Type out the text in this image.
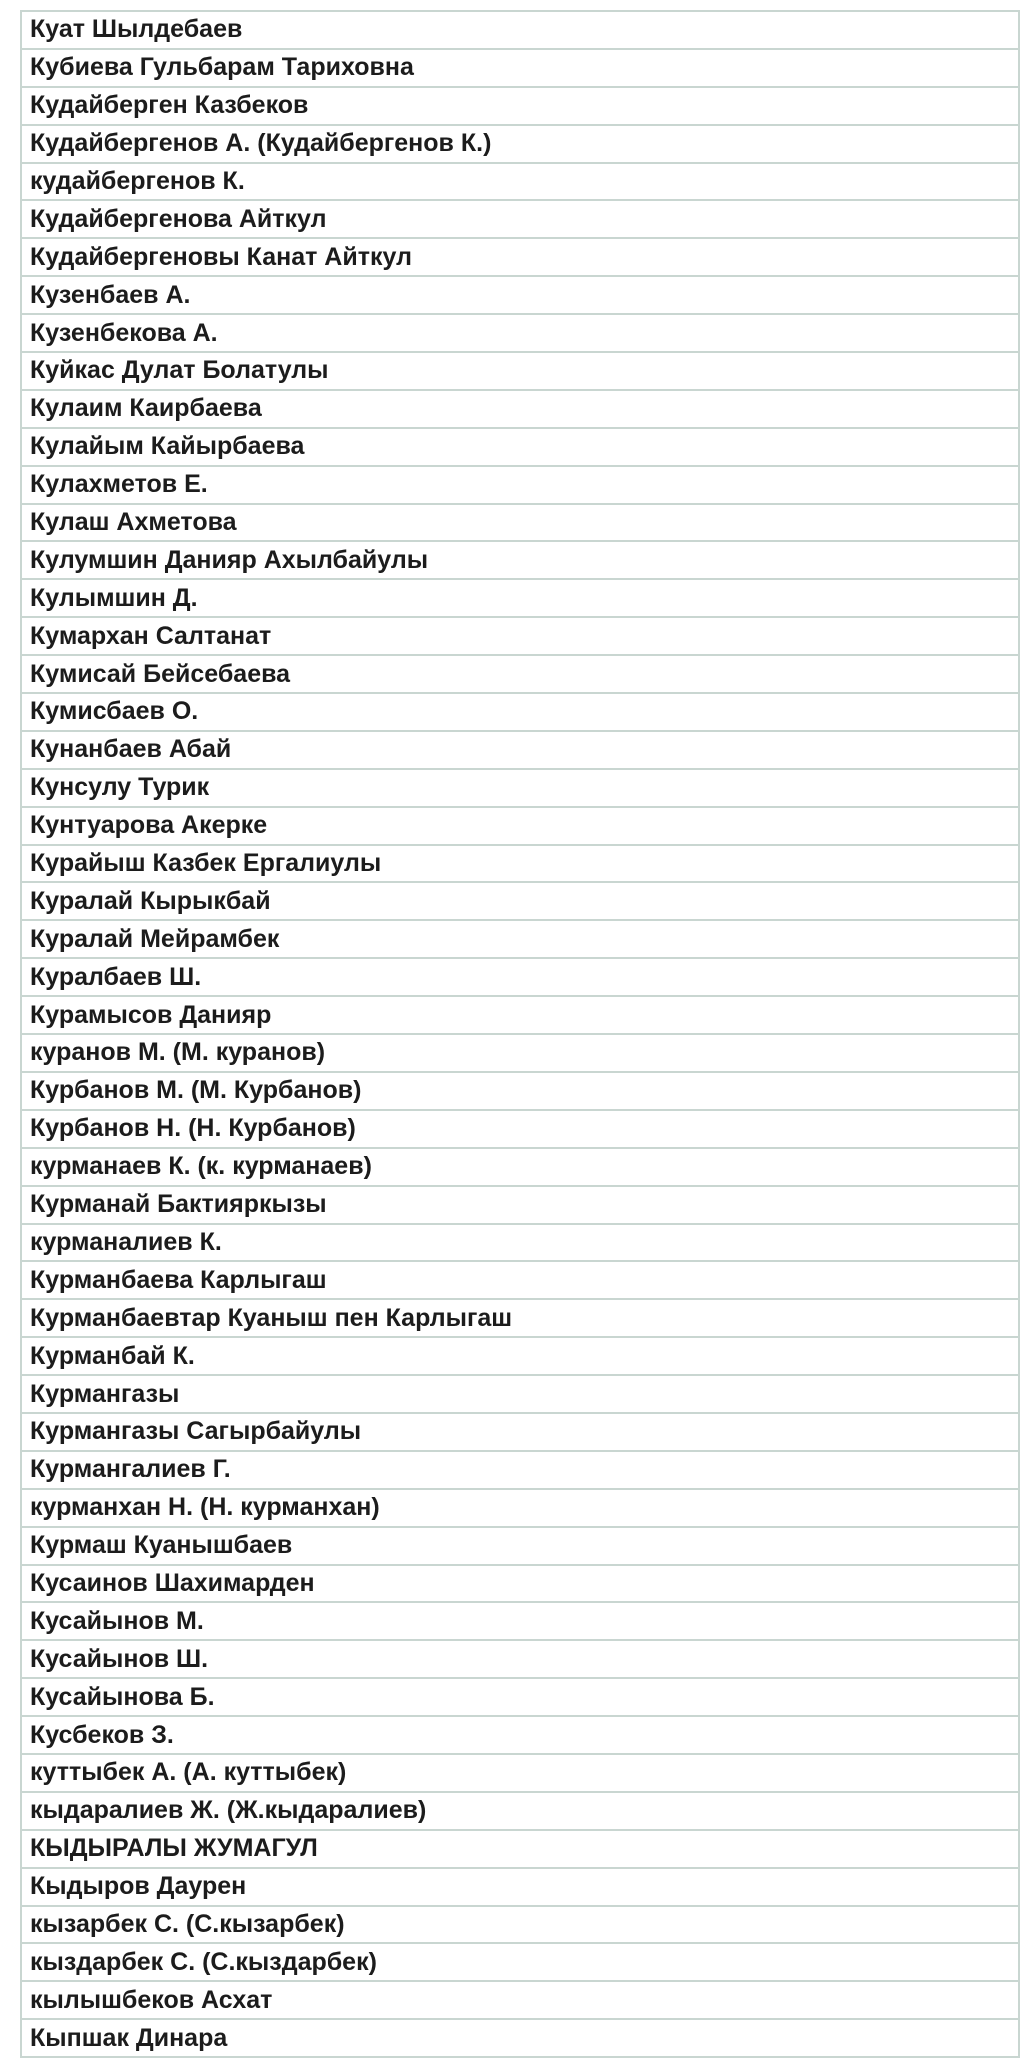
Куат Шылдебаев
Кубиева Гульбарам Тариховна
Кудайберген Казбеков
Кудайбергенов А. (Кудайбергенов К.)
кудайбергенов К.
Кудайбергенова Айткул
Кудайбергеновы Канат Айткул
Кузенбаев А.
Кузенбекова А.
Куйкас Дулат Болатулы
Кулаим Каирбаева
Кулайым Кайырбаева
Кулахметов Е.
Кулаш Ахметова
Кулумшин Данияр Ахылбайулы
Кулымшин Д.
Кумархан Салтанат
Кумисай Бейсебаева
Кумисбаев О.
Кунанбаев Абай
Кунсулу Турик
Кунтуарова Акерке
Курайыш Казбек Ергалиулы
Куралай Кырыкбай
Куралай Мейрамбек
Куралбаев Ш.
Курамысов Данияр
куранов М. (М. куранов)
Курбанов М. (М. Курбанов)
Курбанов Н. (Н. Курбанов)
курманаев К. (к. курманаев)
Курманай Бактияркызы
курманалиев К.
Курманбаева Карлыгаш
Курманбаевтар Куаныш пен Карлыгаш
Курманбай К.
Курмангазы
Курмангазы Сагырбайулы
Курмангалиев Г.
курманхан Н. (Н. курманхан)
Курмаш Куанышбаев
Кусаинов Шахимарден
Кусайынов М.
Кусайынов Ш.
Кусайынова Б.
Кусбеков З.
куттыбек А. (А. куттыбек)
кыдаралиев Ж. (Ж.кыдаралиев)
КЫДЫРАЛЫ ЖУМАГУЛ
Кыдыров Даурен
кызарбек С. (С.кызарбек)
кыздарбек С. (С.кыздарбек)
кылышбеков Асхат
Кыпшак Динара
